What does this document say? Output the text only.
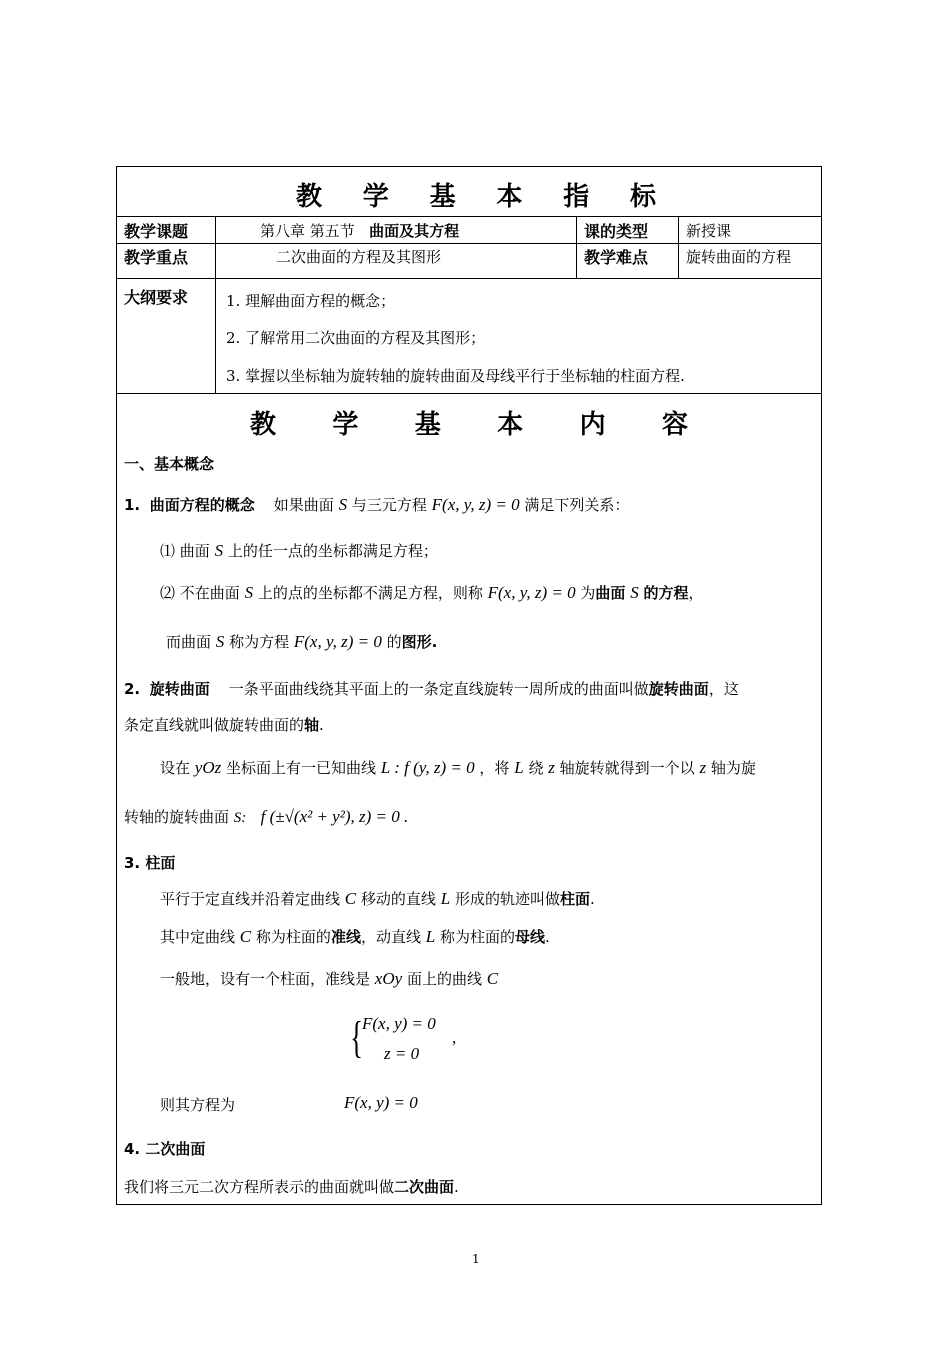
教 学 基 本 指 标
教学课题	第八章 第五节 曲面及其方程	课的类型	新授课
教学重点	二次曲面的方程及其图形	教学难点	旋转曲面的方程
大纲要求	1. 理解曲面方程的概念；
2. 了解常用二次曲面的方程及其图形；
3. 掌握以坐标轴为旋转轴的旋转曲面及母线平行于坐标轴的柱面方程.
教 学 基 本 内 容
一、基本概念
1. 曲面方程的概念 如果曲面 S 与三元方程 F(x, y, z) = 0 满足下列关系：
⑴ 曲面 S 上的任一点的坐标都满足方程；
⑵ 不在曲面 S 上的点的坐标都不满足方程，则称 F(x, y, z) = 0 为曲面 S 的方程，
而曲面 S 称为方程 F(x, y, z) = 0 的图形.
2. 旋转曲面 一条平面曲线绕其平面上的一条定直线旋转一周所成的曲面叫做旋转曲面，这
条定直线就叫做旋转曲面的轴.
设在 yOz 坐标面上有一已知曲线 L : f (y, z) = 0 ，将 L 绕 z 轴旋转就得到一个以 z 轴为旋
转轴的旋转曲面 S: f (±√(x² + y²), z) = 0 .
3. 柱面
平行于定直线并沿着定曲线 C 移动的直线 L 形成的轨迹叫做柱面.
其中定曲线 C 称为柱面的准线，动直线 L 称为柱面的母线.
一般地，设有一个柱面，准线是 xOy 面上的曲线 C
{ F(x, y) = 0
z = 0
,
则其方程为	F(x, y) = 0
4. 二次曲面
我们将三元二次方程所表示的曲面就叫做二次曲面.
1
